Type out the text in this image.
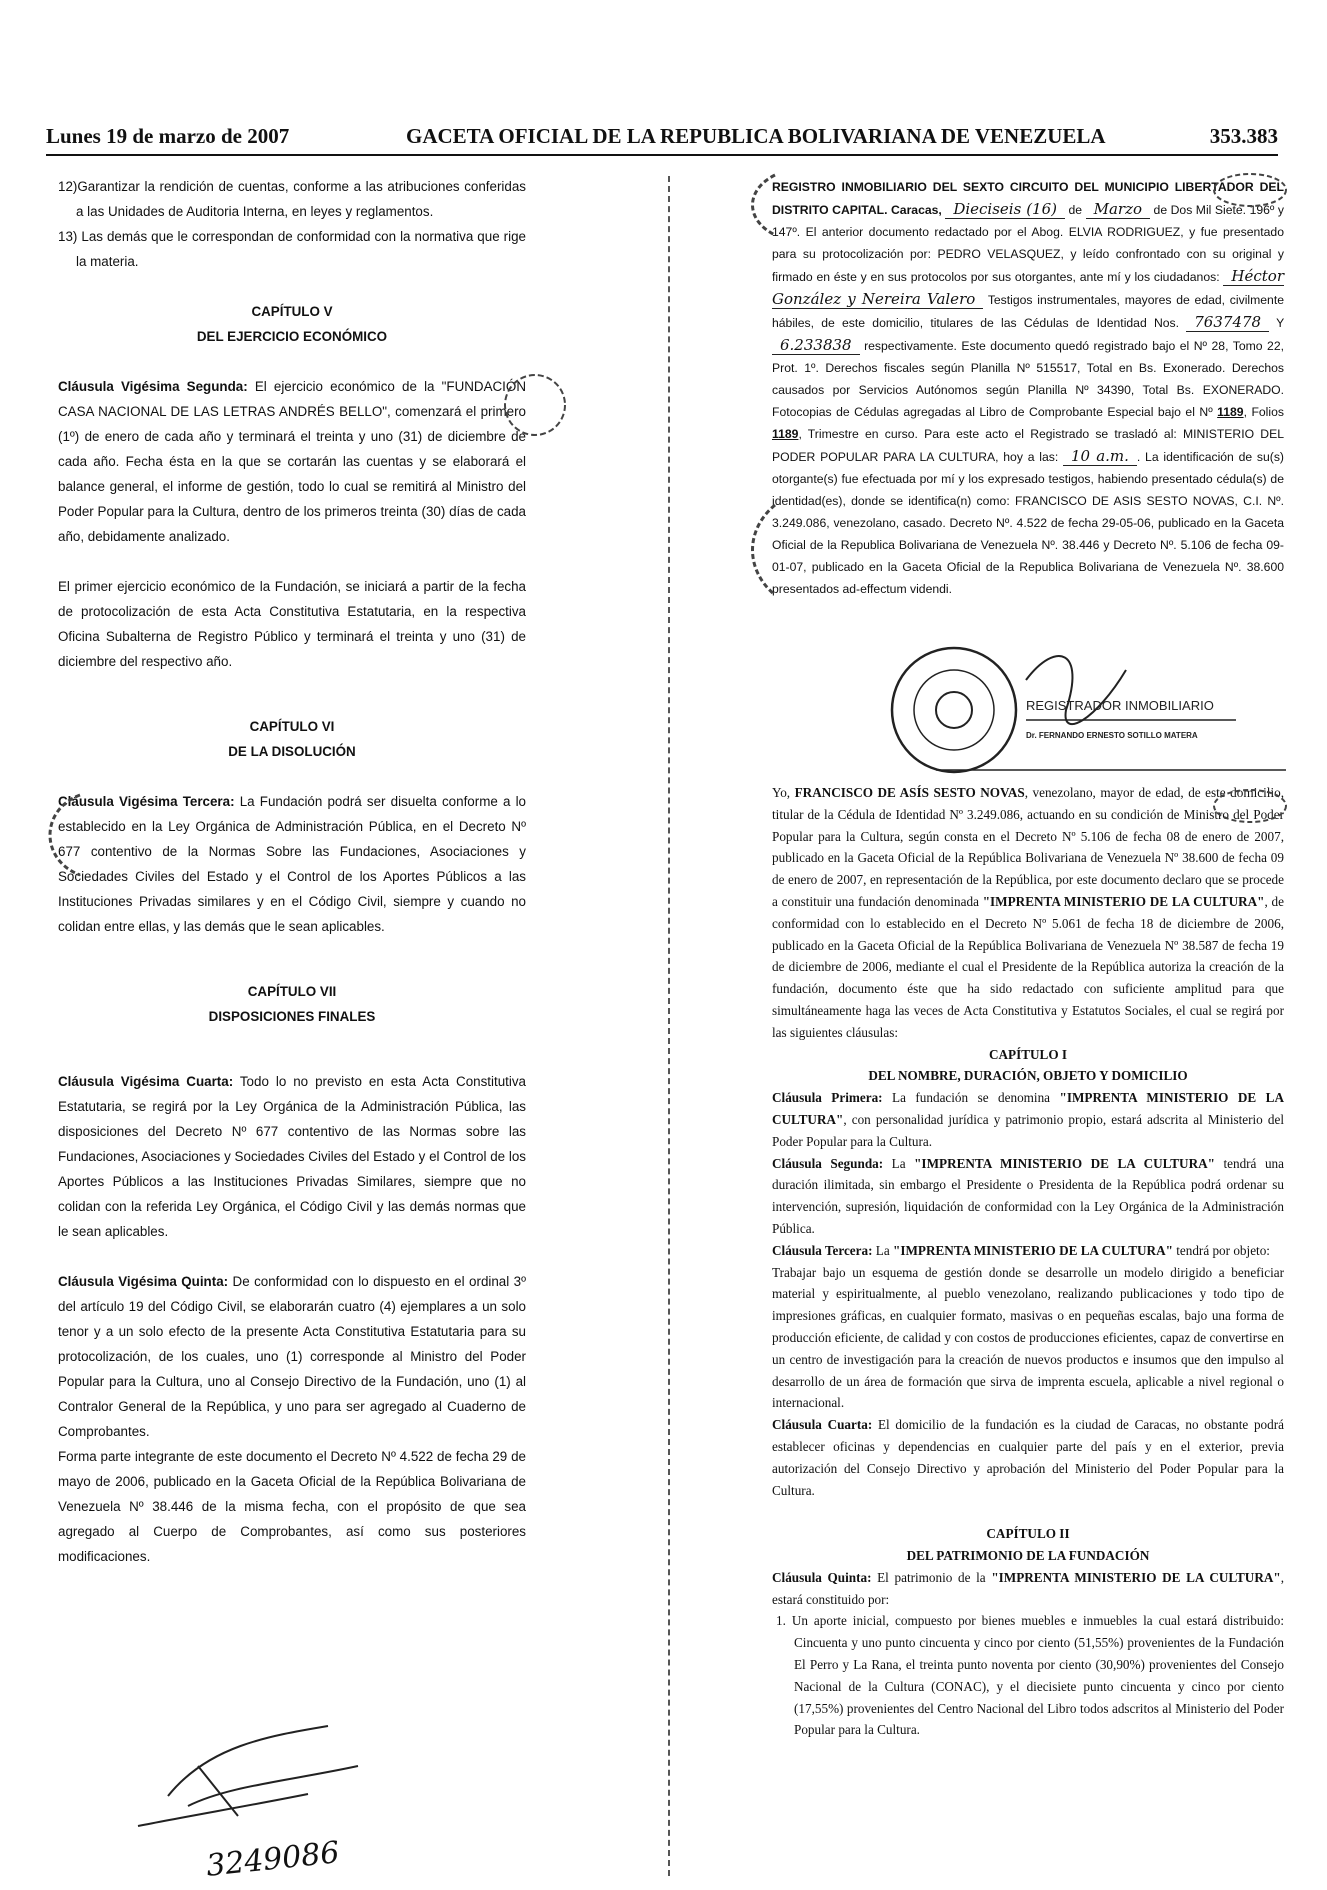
Lunes 19 de marzo de 2007	GACETA OFICIAL DE LA REPUBLICA BOLIVARIANA DE VENEZUELA	353.383

12)Garantizar la rendición de cuentas, conforme a las atribuciones conferidas a las Unidades de Auditoria Interna, en leyes y reglamentos.

13) Las demás que le correspondan de conformidad con la normativa que rige la materia.

CAPÍTULO V

DEL EJERCICIO ECONÓMICO

Cláusula Vigésima Segunda: El ejercicio económico de la "FUNDACIÓN CASA NACIONAL DE LAS LETRAS ANDRÉS BELLO", comenzará el primero (1º) de enero de cada año y terminará el treinta y uno (31) de diciembre de cada año. Fecha ésta en la que se cortarán las cuentas y se elaborará el balance general, el informe de gestión, todo lo cual se remitirá al Ministro del Poder Popular para la Cultura, dentro de los primeros treinta (30) días de cada año, debidamente analizado.

El primer ejercicio económico de la Fundación, se iniciará a partir de la fecha de protocolización de esta Acta Constitutiva Estatutaria, en la respectiva Oficina Subalterna de Registro Público y terminará el treinta y uno (31) de diciembre del respectivo año.

CAPÍTULO VI

DE LA DISOLUCIÓN

Cláusula Vigésima Tercera: La Fundación podrá ser disuelta conforme a lo establecido en la Ley Orgánica de Administración Pública, en el Decreto Nº 677 contentivo de la Normas Sobre las Fundaciones, Asociaciones y Sociedades Civiles del Estado y el Control de los Aportes Públicos a las Instituciones Privadas similares y en el Código Civil, siempre y cuando no colidan entre ellas, y las demás que le sean aplicables.

CAPÍTULO VII

DISPOSICIONES FINALES

Cláusula Vigésima Cuarta: Todo lo no previsto en esta Acta Constitutiva Estatutaria, se regirá por la Ley Orgánica de la Administración Pública, las disposiciones del Decreto Nº 677 contentivo de las Normas sobre las Fundaciones, Asociaciones y Sociedades Civiles del Estado y el Control de los Aportes Públicos a las Instituciones Privadas Similares, siempre que no colidan con la referida Ley Orgánica, el Código Civil y las demás normas que le sean aplicables.

Cláusula Vigésima Quinta: De conformidad con lo dispuesto en el ordinal 3º del artículo 19 del Código Civil, se elaborarán cuatro (4) ejemplares a un solo tenor y a un solo efecto de la presente Acta Constitutiva Estatutaria para su protocolización, de los cuales, uno (1) corresponde al Ministro del Poder Popular para la Cultura, uno al Consejo Directivo de la Fundación, uno (1) al Contralor General de la República, y uno para ser agregado al Cuaderno de Comprobantes.

Forma parte integrante de este documento el Decreto Nº 4.522 de fecha 29 de mayo de 2006, publicado en la Gaceta Oficial de la República Bolivariana de Venezuela Nº 38.446 de la misma fecha, con el propósito de que sea agregado al Cuerpo de Comprobantes, así como sus posteriores modificaciones.

3249086

REGISTRO INMOBILIARIO DEL SEXTO CIRCUITO DEL MUNICIPIO LIBERTADOR DEL DISTRITO CAPITAL. Caracas, Dieciseis (16) de Marzo de Dos Mil Siete. 196º y 147º. El anterior documento redactado por el Abog. ELVIA RODRIGUEZ, y fue presentado para su protocolización por: PEDRO VELASQUEZ, y leído confrontado con su original y firmado en éste y en sus protocolos por sus otorgantes, ante mí y los ciudadanos: Héctor González y Nereira Valero Testigos instrumentales, mayores de edad, civilmente hábiles, de este domicilio, titulares de las Cédulas de Identidad Nos. 7637478 Y 6.233838 respectivamente. Este documento quedó registrado bajo el Nº 28, Tomo 22, Prot. 1º. Derechos fiscales según Planilla Nº 515517, Total en Bs. Exonerado. Derechos causados por Servicios Autónomos según Planilla Nº 34390, Total Bs. EXONERADO. Fotocopias de Cédulas agregadas al Libro de Comprobante Especial bajo el Nº 1189, Folios 1189, Trimestre en curso. Para este acto el Registrado se trasladó al: MINISTERIO DEL PODER POPULAR PARA LA CULTURA, hoy a las: 10 a.m. . La identificación de su(s) otorgante(s) fue efectuada por mí y los expresado testigos, habiendo presentado cédula(s) de identidad(es), donde se identifica(n) como: FRANCISCO DE ASIS SESTO NOVAS, C.I. Nº. 3.249.086, venezolano, casado. Decreto Nº. 4.522 de fecha 29-05-06, publicado en la Gaceta Oficial de la Republica Bolivariana de Venezuela Nº. 38.446 y Decreto Nº. 5.106 de fecha 09-01-07, publicado en la Gaceta Oficial de la Republica Bolivariana de Venezuela Nº. 38.600 presentados ad-effectum videndi.

REGISTRADOR INMOBILIARIO
Dr. FERNANDO ERNESTO SOTILLO MATERA

Yo, FRANCISCO DE ASÍS SESTO NOVAS, venezolano, mayor de edad, de este domicilio, titular de la Cédula de Identidad Nº 3.249.086, actuando en su condición de Ministro del Poder Popular para la Cultura, según consta en el Decreto Nº 5.106 de fecha 08 de enero de 2007, publicado en la Gaceta Oficial de la República Bolivariana de Venezuela Nº 38.600 de fecha 09 de enero de 2007, en representación de la República, por este documento declaro que se procede a constituir una fundación denominada "IMPRENTA MINISTERIO DE LA CULTURA", de conformidad con lo establecido en el Decreto Nº 5.061 de fecha 18 de diciembre de 2006, publicado en la Gaceta Oficial de la República Bolivariana de Venezuela Nº 38.587 de fecha 19 de diciembre de 2006, mediante el cual el Presidente de la República autoriza la creación de la fundación, documento éste que ha sido redactado con suficiente amplitud para que simultáneamente haga las veces de Acta Constitutiva y Estatutos Sociales, el cual se regirá por las siguientes cláusulas:

CAPÍTULO I

DEL NOMBRE, DURACIÓN, OBJETO Y DOMICILIO

Cláusula Primera: La fundación se denomina "IMPRENTA MINISTERIO DE LA CULTURA", con personalidad jurídica y patrimonio propio, estará adscrita al Ministerio del Poder Popular para la Cultura.

Cláusula Segunda: La "IMPRENTA MINISTERIO DE LA CULTURA" tendrá una duración ilimitada, sin embargo el Presidente o Presidenta de la República podrá ordenar su intervención, supresión, liquidación de conformidad con la Ley Orgánica de la Administración Pública.

Cláusula Tercera: La "IMPRENTA MINISTERIO DE LA CULTURA" tendrá por objeto:

Trabajar bajo un esquema de gestión donde se desarrolle un modelo dirigido a beneficiar material y espiritualmente, al pueblo venezolano, realizando publicaciones y todo tipo de impresiones gráficas, en cualquier formato, masivas o en pequeñas escalas, bajo una forma de producción eficiente, de calidad y con costos de producciones eficientes, capaz de convertirse en un centro de investigación para la creación de nuevos productos e insumos que den impulso al desarrollo de un área de formación que sirva de imprenta escuela, aplicable a nivel regional o internacional.

Cláusula Cuarta: El domicilio de la fundación es la ciudad de Caracas, no obstante podrá establecer oficinas y dependencias en cualquier parte del país y en el exterior, previa autorización del Consejo Directivo y aprobación del Ministerio del Poder Popular para la Cultura.

CAPÍTULO II

DEL PATRIMONIO DE LA FUNDACIÓN

Cláusula Quinta: El patrimonio de la "IMPRENTA MINISTERIO DE LA CULTURA", estará constituido por:

1. Un aporte inicial, compuesto por bienes muebles e inmuebles la cual estará distribuido: Cincuenta y uno punto cincuenta y cinco por ciento (51,55%) provenientes de la Fundación El Perro y La Rana, el treinta punto noventa por ciento (30,90%) provenientes del Consejo Nacional de la Cultura (CONAC), y el diecisiete punto cincuenta y cinco por ciento (17,55%) provenientes del Centro Nacional del Libro todos adscritos al Ministerio del Poder Popular para la Cultura.
